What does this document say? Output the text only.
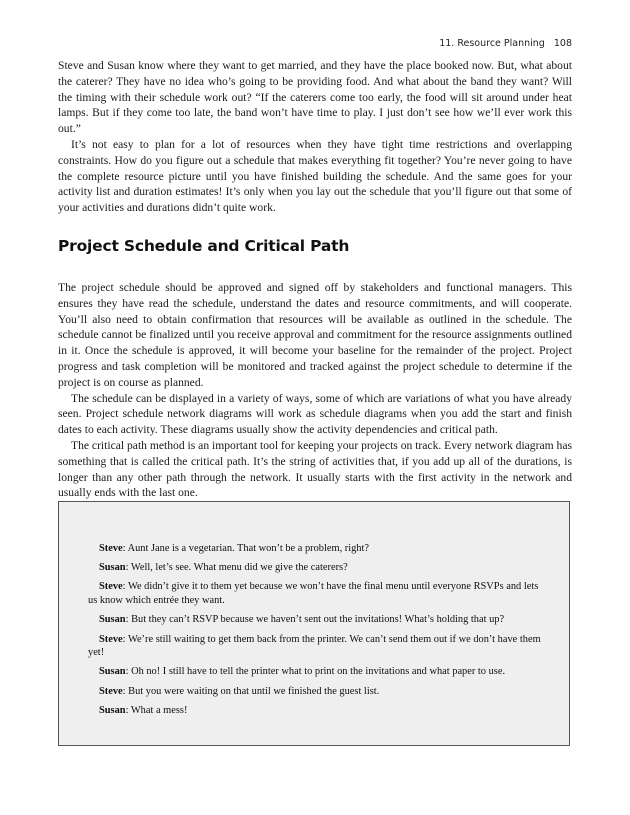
11. Resource Planning 108

Steve and Susan know where they want to get married, and they have the place booked now. But, what about the caterer? They have no idea who’s going to be providing food. And what about the band they want? Will the timing with their schedule work out? “If the caterers come too early, the food will sit around under heat lamps. But if they come too late, the band won’t have time to play. I just don’t see how we’ll ever work this out.”

It’s not easy to plan for a lot of resources when they have tight time restrictions and overlapping constraints. How do you figure out a schedule that makes everything fit together? You’re never going to have the complete resource picture until you have finished building the schedule. And the same goes for your activity list and duration estimates! It’s only when you lay out the schedule that you’ll figure out that some of your activities and durations didn’t quite work.

Project Schedule and Critical Path

The project schedule should be approved and signed off by stakeholders and functional managers. This ensures they have read the schedule, understand the dates and resource commitments, and will cooperate. You’ll also need to obtain confirmation that resources will be available as outlined in the schedule. The schedule cannot be finalized until you receive approval and commitment for the resource assignments outlined in it. Once the schedule is approved, it will become your baseline for the remainder of the project. Project progress and task completion will be monitored and tracked against the project schedule to determine if the project is on course as planned.

The schedule can be displayed in a variety of ways, some of which are variations of what you have already seen. Project schedule network diagrams will work as schedule diagrams when you add the start and finish dates to each activity. These diagrams usually show the activity dependencies and critical path.

The critical path method is an important tool for keeping your projects on track. Every network diagram has something that is called the critical path. It’s the string of activities that, if you add up all of the durations, is longer than any other path through the network. It usually starts with the first activity in the network and usually ends with the last one.

Steve: Aunt Jane is a vegetarian. That won’t be a problem, right?

Susan: Well, let’s see. What menu did we give the caterers?

Steve: We didn’t give it to them yet because we won’t have the final menu until everyone RSVPs and lets us know which entrée they want.

Susan: But they can’t RSVP because we haven’t sent out the invitations! What’s holding that up?

Steve: We’re still waiting to get them back from the printer. We can’t send them out if we don’t have them yet!

Susan: Oh no! I still have to tell the printer what to print on the invitations and what paper to use.

Steve: But you were waiting on that until we finished the guest list.

Susan: What a mess!
